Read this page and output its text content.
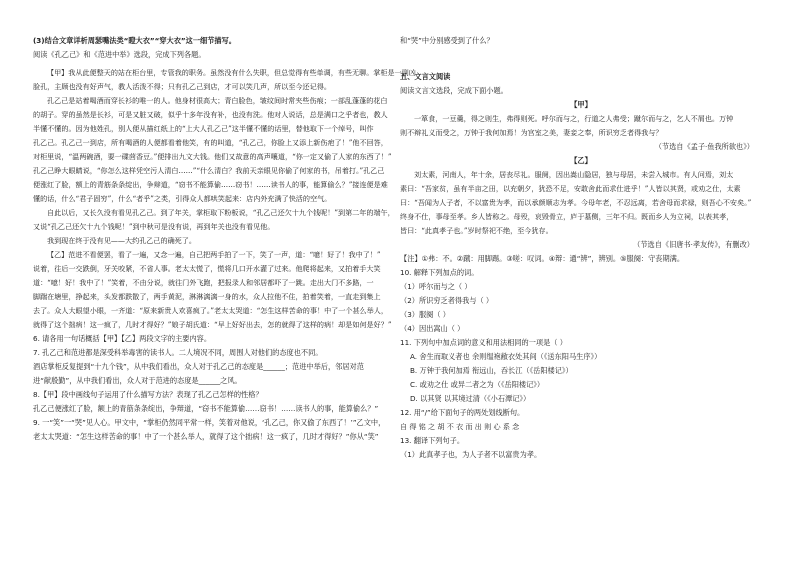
(3)结合文章详析周瑟嘴法类“瞪大衣”“穿大衣”这一细节描写。
阅读《孔乙己》和《范进中举》选段，完成下列各题。
【甲】我从此便整天的站在柜台里，专管我的职务。虽然没有什么失职，但总觉得有些单调，有些无聊。掌柜是一副凶
脸孔，主顾也没有好声气，教人活泼不得；只有孔乙己到店，才可以笑几声，所以至今还记得。
孔乙己是站着喝酒而穿长衫的唯一的人。他身材很高大；青白脸色，皱纹间时常夹些伤痕；一部乱蓬蓬的花白
的胡子。穿的虽然是长衫，可是又脏又破，似乎十多年没有补，也没有洗。他对人说话，总是满口之乎者也，教人
半懂不懂的。因为他姓孔，别人便从描红纸上的“上大人孔乙己”这半懂不懂的话里，替他取下一个绰号，叫作
孔乙己。孔乙己一到店，所有喝酒的人便都看着他笑，有的叫道，“孔乙己，你脸上又添上新伤疤了！”他不回答，
对柜里说，“温两碗酒，要一碟茴香豆。”便排出九文大钱。他们又故意的高声嚷道，“你一定又偷了人家的东西了！”
孔乙己睁大眼睛说，“你怎么这样凭空污人清白……”“什么清白？我前天亲眼见你偷了何家的书，吊着打。”孔乙己
便涨红了脸，额上的青筋条条绽出，争辩道，“窃书不能算偷……窃书！……读书人的事，能算偷么？”接连便是难
懂的话，什么“君子固穷”，什么“者乎”之类，引得众人都哄笑起来：店内外充满了快活的空气。
自此以后，又长久没有看见孔乙己。到了年关，掌柜取下粉板说，“孔乙己还欠十九个钱呢！”到第二年的端午，
又说“孔乙己还欠十九个钱呢！”到中秋可是没有说，再到年关也没有看见他。
我到现在终于没有见——大约孔乙己的确死了。
【乙】范进不看便罢，看了一遍，又念一遍，自己把两手拍了一下，笑了一声，道：“噫！好了！我中了！”
说着，往后一交跌倒，牙关咬紧，不省人事。老太太慌了，慌将几口开水灌了过来。他爬将起来，又拍着手大笑
道：“噫！好！我中了！”笑着，不由分说，就往门外飞跑，把报录人和邻居都吓了一跳。走出大门不多路，一
脚踹在塘里，挣起来，头发都跌散了，两手黄泥，淋淋漓漓一身的水，众人拉他不住，拍着笑着，一直走到集上
去了。众人大眼望小眼，一齐道：“原来新贵人欢喜疯了。”老太太哭道：“怎生这样苦命的事！中了一个甚么举人，
就得了这个拙病！这一疯了，几时才得好？”娘子胡氏道：“早上好好出去，怎的就得了这样的病！却是如何是好？”
6. 请各用一句话概括【甲】【乙】两段文字的主要内容。
7. 孔乙己和范进都是深受科举毒害的读书人。二人境况不同，周围人对他们的态度也不同。
酒店掌柜反复提到“十九个钱”，从中我们看出，众人对于孔乙己的态度是______；范进中举后，邻居对范
进“献殷勤”，从中我们看出，众人对于范进的态度是______之风。
8.【甲】段中画线句子运用了什么描写方法？表现了孔乙己怎样的性格？
孔乙己便涨红了脸，额上的青筋条条绽出，争辩道，“窃书不能算偷……窃书！……读书人的事，能算偷么？”
9. 一“笑”一“哭”见人心。甲文中，“掌柜仍然同平常一样，笑着对他说，‘孔乙己，你又偷了东西了！’”乙文中，
老太太哭道：“怎生这样苦命的事！中了一个甚么举人，就得了这个拙病！这一疯了，几时才得好？”你从“笑”
和“哭”中分别感受到了什么？
五、文言文阅读
阅读文言文选段，完成下面小题。
【甲】
一箪食，一豆羹，得之则生，弗得则死。呼尔而与之，行道之人弗受；蹴尔而与之，乞人不屑也。万钟
则不辩礼义而受之，万钟于我何加焉！为宫室之美，妻妾之奉，所识穷乏者得我与？
（节选自《孟子·鱼我所欲也》）
【乙】
刘太素，河南人，年十余，居丧尽礼。服阕，因出嵩山隐居，独与母居，未尝入城市。有人问焉，刘太
素曰：“吾家贫，虽有半亩之田，以充朝夕，犹恐不足，安敢舍此而求仕进乎！”人皆以其贤，或劝之仕，太素
曰：“吾闻为人子者，不以富贵为孝，而以承颜顺志为孝。今母年老，不忍远离，若舍母而求禄，则吾心不安矣。”
终身不仕，事母至孝。乡人皆称之。母殁，哀毁骨立，庐于墓侧，三年不归。既而乡人为立祠，以表其孝，
皆曰：“此真孝子也。”岁时祭祀不绝，至今犹存。
（节选自《旧唐书·孝友传》，有删改）
【注】①弗：不。②蹴：用脚踢。③嗟：叹词。④辩：通“辨”，辨别。⑤服阕：守丧期满。
10. 解释下列加点的词。
（1）呼尔而与之（ ）
（2）所识穷乏者得我与（ ）
（3）服阕（ ）
（4）因出嵩山（ ）
11. 下列句中加点词的意义和用法相同的一项是（ ）
A. 舍生而取义者也 余则缊袍敝衣处其间（《送东阳马生序》）
B. 万钟于我何加焉 衔远山，吞长江（《岳阳楼记》）
C. 或劝之仕 或异二者之为（《岳阳楼记》）
D. 以其贤 以其境过清（《小石潭记》）
12. 用“/”给下面句子的两处划线断句。
自 得 铭 之 胡 不 衣 而 出 则 心 系 念
13. 翻译下列句子。
（1）此真孝子也，为人子者不以富贵为孝。
